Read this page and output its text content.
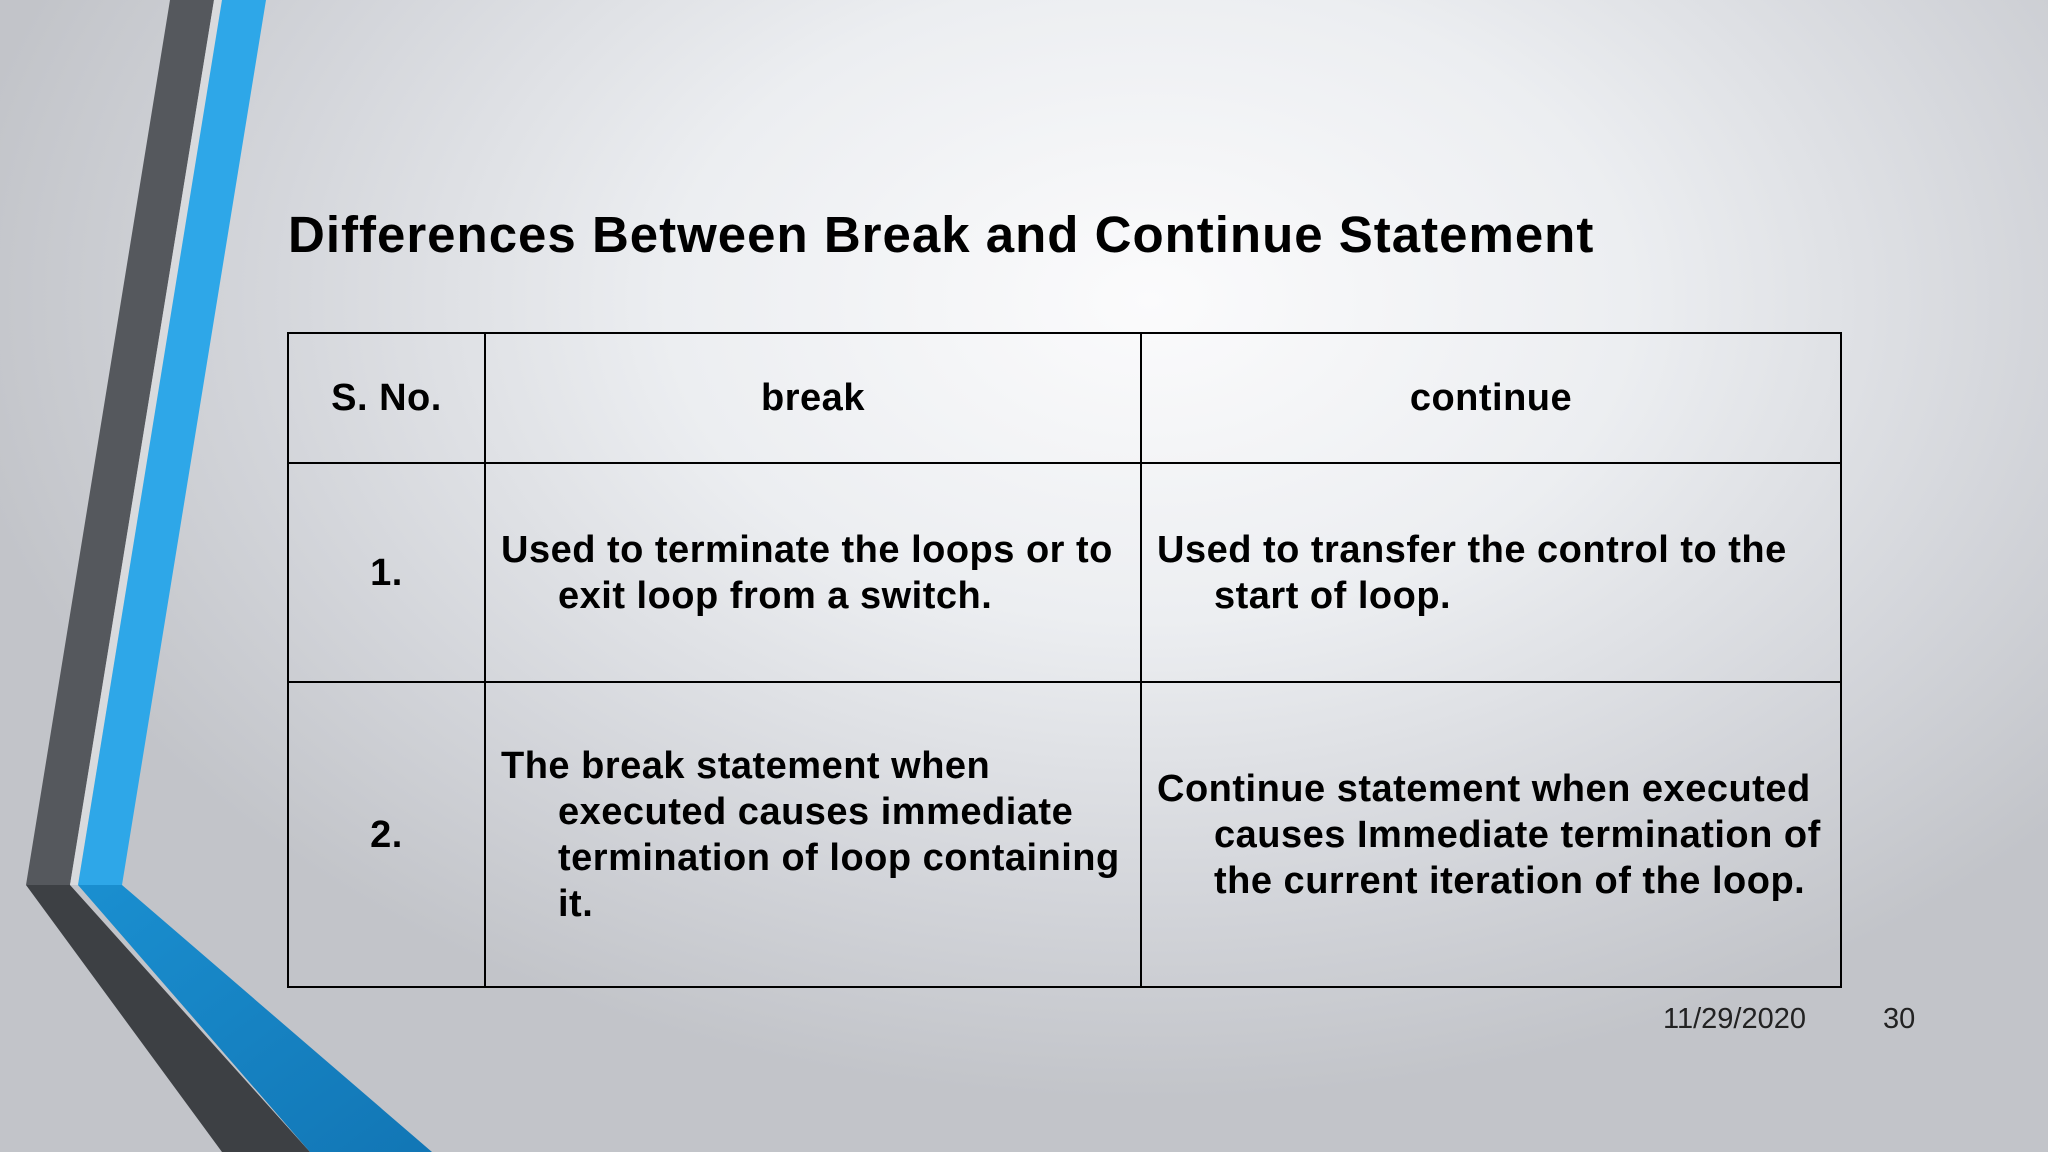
Differences Between Break and Continue Statement
S. No.	break	continue
1.	Used to terminate the loops or to exit loop from a switch.	Used to transfer the control to the start of loop.
2.	The break statement when executed causes immediate termination of loop containing it.	Continue statement when executed causes Immediate termination of the current iteration of the loop.
11/29/2020	30
